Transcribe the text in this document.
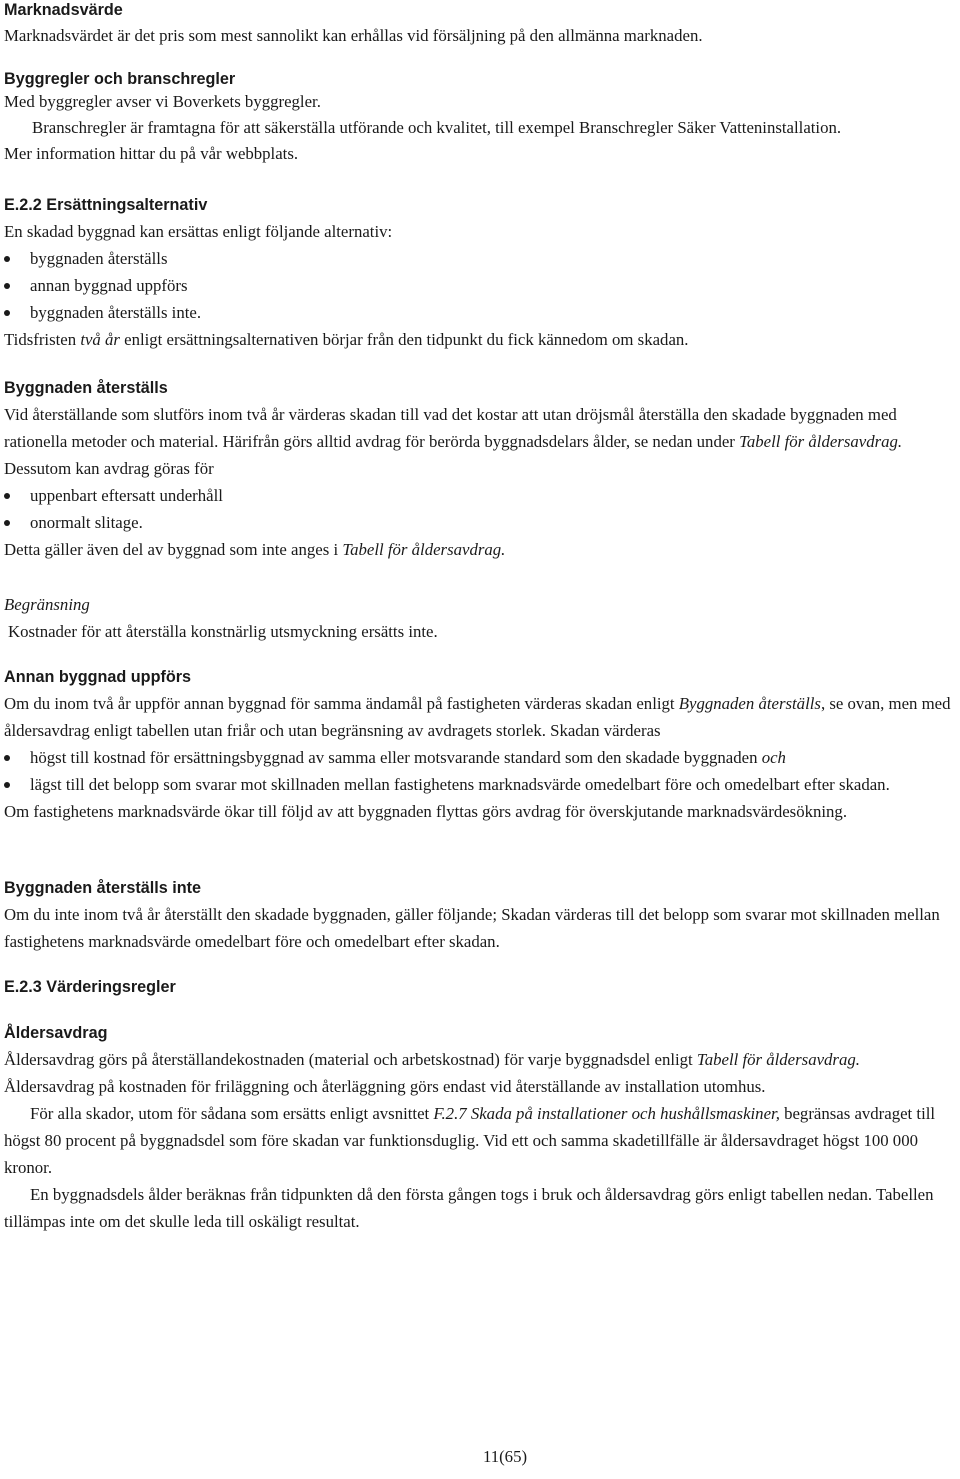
Marknadsvärde

Marknadsvärdet är det pris som mest sannolikt kan erhållas vid försäljning på den allmänna marknaden.

Byggregler och branschregler

Med byggregler avser vi Boverkets byggregler.

Branschregler är framtagna för att säkerställa utförande och kvalitet, till exempel Branschregler Säker Vatteninstallation.

Mer information hittar du på vår webbplats.

E.2.2 Ersättningsalternativ

En skadad byggnad kan ersättas enligt följande alternativ:

byggnaden återställs
annan byggnad uppförs
byggnaden återställs inte.

Tidsfristen två år enligt ersättningsalternativen börjar från den tidpunkt du fick kännedom om skadan.

Byggnaden återställs

Vid återställande som slutförs inom två år värderas skadan till vad det kostar att utan dröjsmål återställa den skadade byggnaden med rationella metoder och material. Härifrån görs alltid avdrag för berörda byggnadsdelars ålder, se nedan under Tabell för åldersavdrag. Dessutom kan avdrag göras för

uppenbart eftersatt underhåll
onormalt slitage.

Detta gäller även del av byggnad som inte anges i Tabell för åldersavdrag.

Begränsning

Kostnader för att återställa konstnärlig utsmyckning ersätts inte.

Annan byggnad uppförs

Om du inom två år uppför annan byggnad för samma ändamål på fastigheten värderas skadan enligt Byggnaden återställs, se ovan, men med åldersavdrag enligt tabellen utan friår och utan begränsning av avdragets storlek. Skadan värderas

högst till kostnad för ersättningsbyggnad av samma eller motsvarande standard som den skadade byggnaden och
lägst till det belopp som svarar mot skillnaden mellan fastighetens marknadsvärde omedelbart före och omedelbart efter skadan.

Om fastighetens marknadsvärde ökar till följd av att byggnaden flyttas görs avdrag för överskjutande marknadsvärdesökning.

Byggnaden återställs inte

Om du inte inom två år återställt den skadade byggnaden, gäller följande; Skadan värderas till det belopp som svarar mot skillnaden mellan fastighetens marknadsvärde omedelbart före och omedelbart efter skadan.

E.2.3 Värderingsregler
Åldersavdrag

Åldersavdrag görs på återställandekostnaden (material och arbetskostnad) för varje byggnadsdel enligt Tabell för åldersavdrag.

Åldersavdrag på kostnaden för friläggning och återläggning görs endast vid återställande av installation utomhus.

För alla skador, utom för sådana som ersätts enligt avsnittet F.2.7 Skada på installationer och hushållsmaskiner, begränsas avdraget till högst 80 procent på byggnadsdel som före skadan var funktionsduglig. Vid ett och samma skadetillfälle är åldersavdraget högst 100 000 kronor.

En byggnadsdels ålder beräknas från tidpunkten då den första gången togs i bruk och åldersavdrag görs enligt tabellen nedan. Tabellen tillämpas inte om det skulle leda till oskäligt resultat.

11(65)
